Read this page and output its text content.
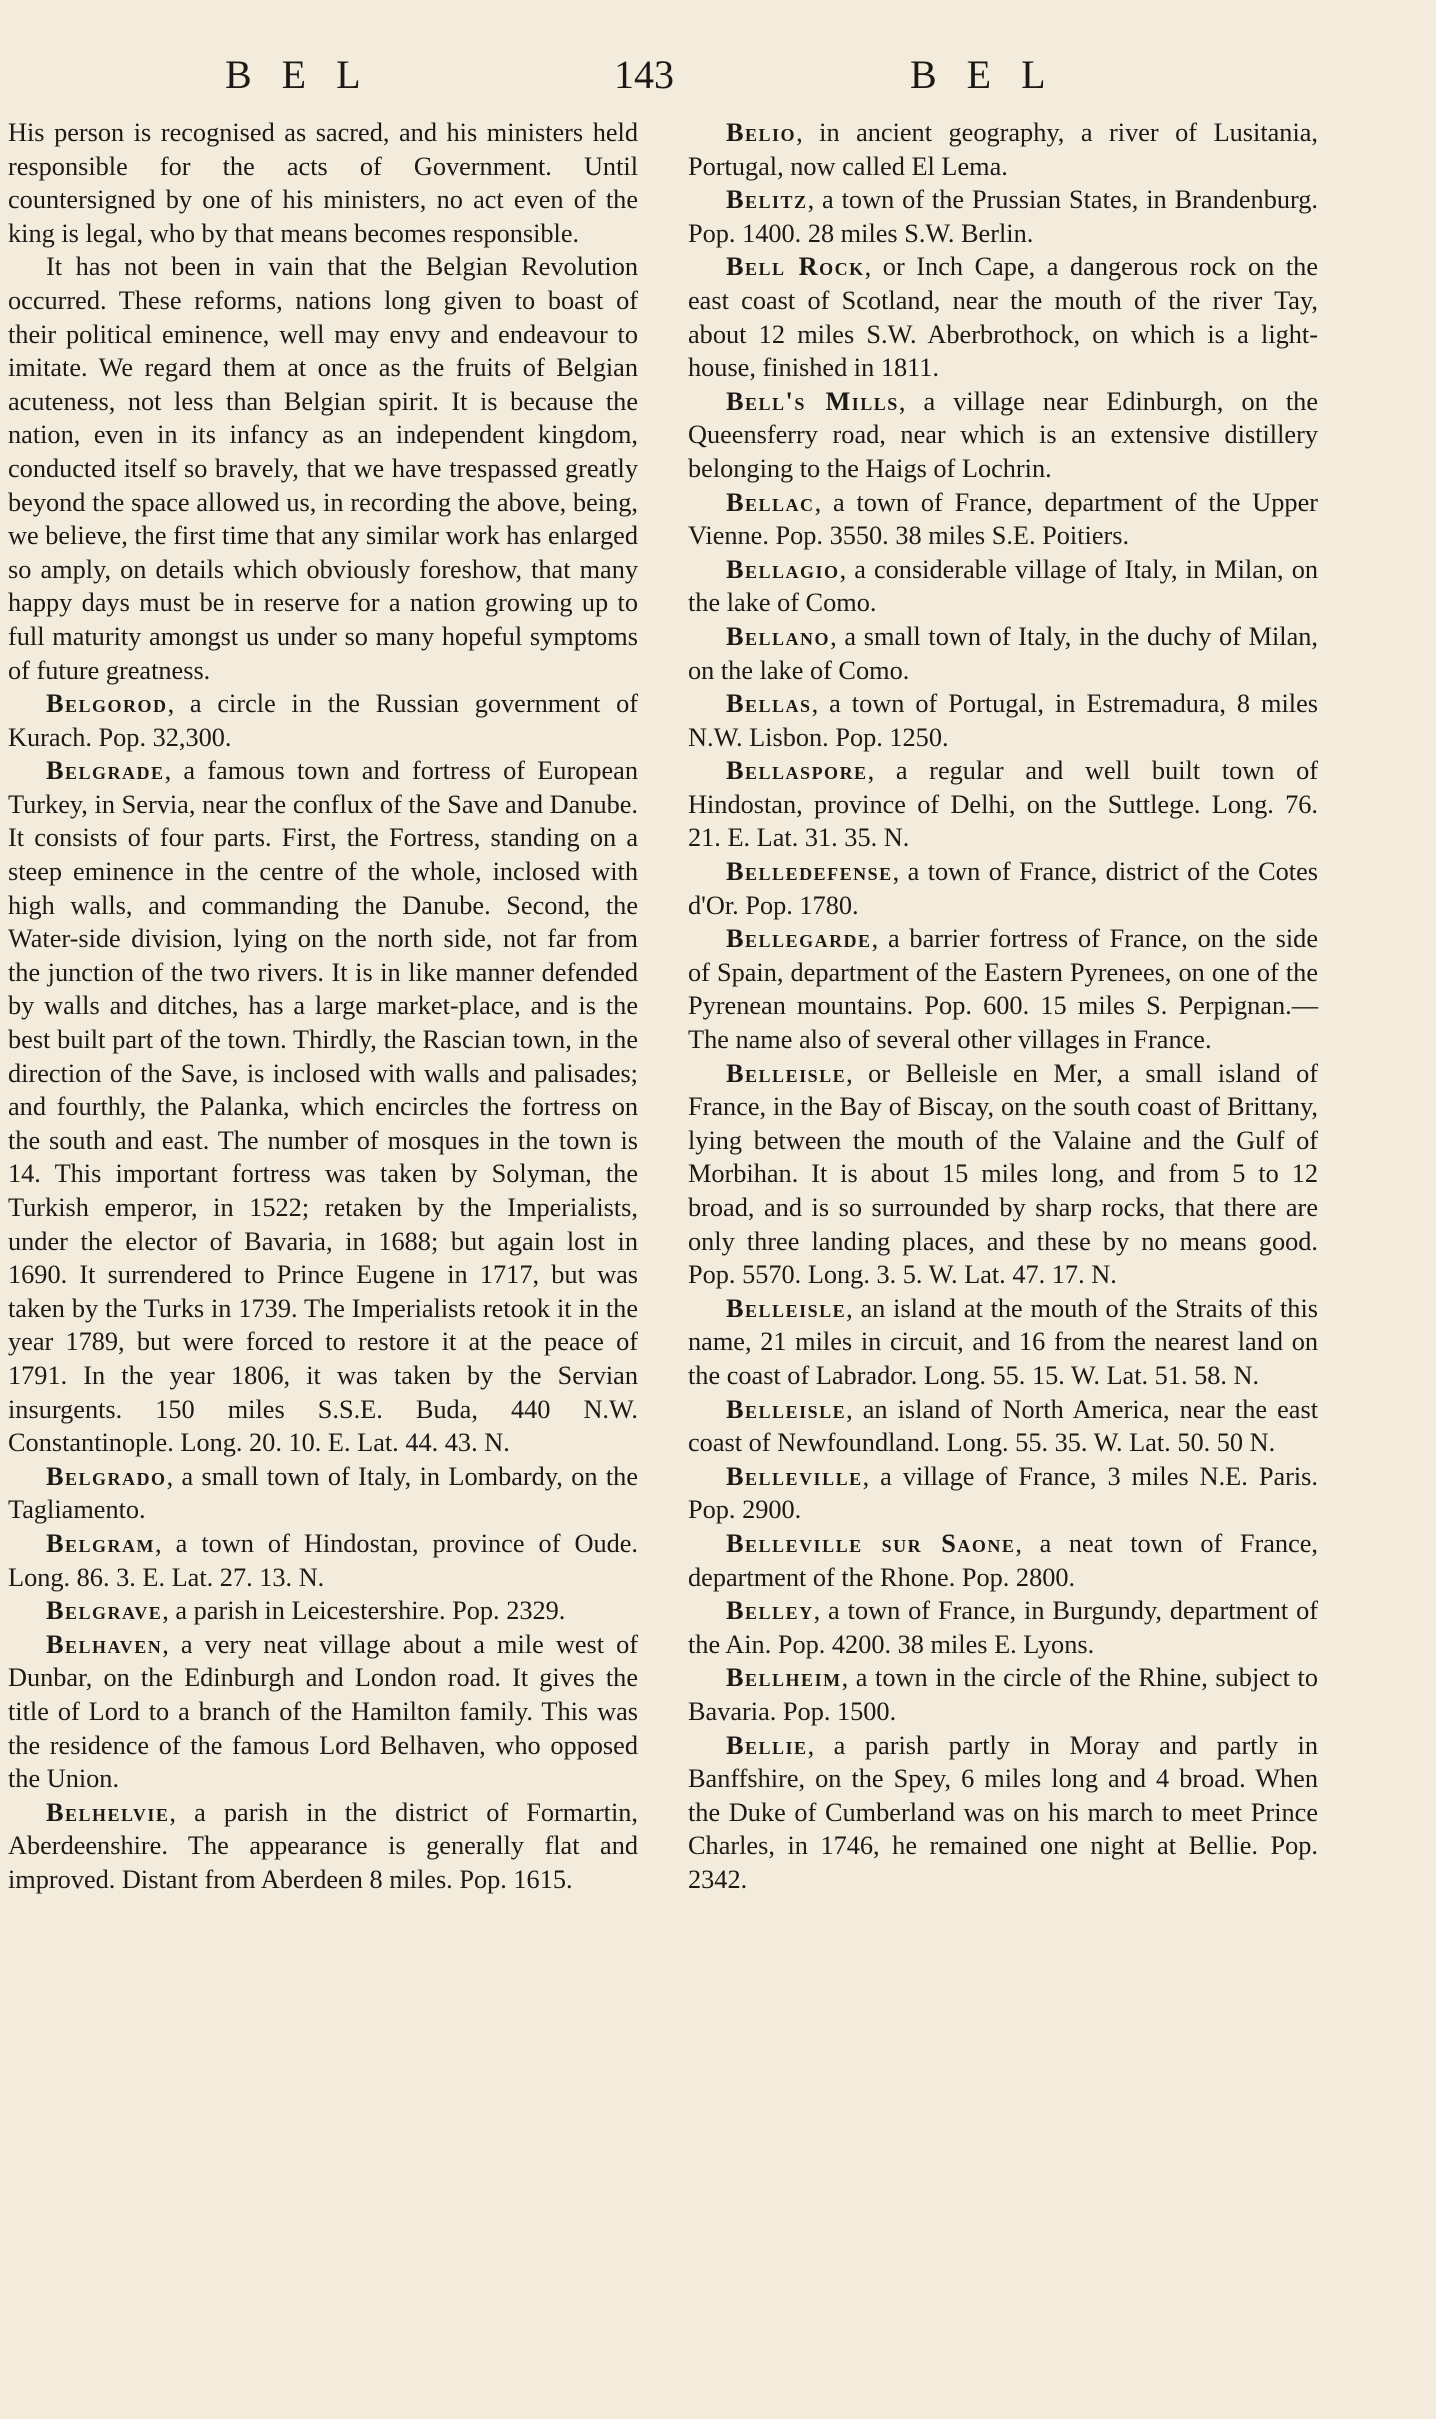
BEL	143	BEL

His person is recognised as sacred, and his ministers held responsible for the acts of Government. Until countersigned by one of his ministers, no act even of the king is legal, who by that means becomes responsible.

It has not been in vain that the Belgian Revolution occurred. These reforms, nations long given to boast of their political eminence, well may envy and endeavour to imitate. We regard them at once as the fruits of Belgian acuteness, not less than Belgian spirit. It is because the nation, even in its infancy as an independent kingdom, conducted itself so bravely, that we have trespassed greatly beyond the space allowed us, in recording the above, being, we believe, the first time that any similar work has enlarged so amply, on details which obviously foreshow, that many happy days must be in reserve for a nation growing up to full maturity amongst us under so many hopeful symptoms of future greatness.

Belgorod, a circle in the Russian government of Kurach. Pop. 32,300.

Belgrade, a famous town and fortress of European Turkey, in Servia, near the conflux of the Save and Danube. It consists of four parts. First, the Fortress, standing on a steep eminence in the centre of the whole, inclosed with high walls, and commanding the Danube. Second, the Water-side division, lying on the north side, not far from the junction of the two rivers. It is in like manner defended by walls and ditches, has a large market-place, and is the best built part of the town. Thirdly, the Rascian town, in the direction of the Save, is inclosed with walls and palisades; and fourthly, the Palanka, which encircles the fortress on the south and east. The number of mosques in the town is 14. This important fortress was taken by Solyman, the Turkish emperor, in 1522; retaken by the Imperialists, under the elector of Bavaria, in 1688; but again lost in 1690. It surrendered to Prince Eugene in 1717, but was taken by the Turks in 1739. The Imperialists retook it in the year 1789, but were forced to restore it at the peace of 1791. In the year 1806, it was taken by the Servian insurgents. 150 miles S.S.E. Buda, 440 N.W. Constantinople. Long. 20. 10. E. Lat. 44. 43. N.

Belgrado, a small town of Italy, in Lombardy, on the Tagliamento.

Belgram, a town of Hindostan, province of Oude. Long. 86. 3. E. Lat. 27. 13. N.

Belgrave, a parish in Leicestershire. Pop. 2329.

Belhaven, a very neat village about a mile west of Dunbar, on the Edinburgh and London road. It gives the title of Lord to a branch of the Hamilton family. This was the residence of the famous Lord Belhaven, who opposed the Union.

Belhelvie, a parish in the district of Formartin, Aberdeenshire. The appearance is generally flat and improved. Distant from Aberdeen 8 miles. Pop. 1615.

Belio, in ancient geography, a river of Lusitania, Portugal, now called El Lema.

Belitz, a town of the Prussian States, in Brandenburg. Pop. 1400. 28 miles S.W. Berlin.

Bell Rock, or Inch Cape, a dangerous rock on the east coast of Scotland, near the mouth of the river Tay, about 12 miles S.W. Aberbrothock, on which is a light-house, finished in 1811.

Bell's Mills, a village near Edinburgh, on the Queensferry road, near which is an extensive distillery belonging to the Haigs of Lochrin.

Bellac, a town of France, department of the Upper Vienne. Pop. 3550. 38 miles S.E. Poitiers.

Bellagio, a considerable village of Italy, in Milan, on the lake of Como.

Bellano, a small town of Italy, in the duchy of Milan, on the lake of Como.

Bellas, a town of Portugal, in Estremadura, 8 miles N.W. Lisbon. Pop. 1250.

Bellaspore, a regular and well built town of Hindostan, province of Delhi, on the Suttlege. Long. 76. 21. E. Lat. 31. 35. N.

Belledefense, a town of France, district of the Cotes d'Or. Pop. 1780.

Bellegarde, a barrier fortress of France, on the side of Spain, department of the Eastern Pyrenees, on one of the Pyrenean mountains. Pop. 600. 15 miles S. Perpignan.— The name also of several other villages in France.

Belleisle, or Belleisle en Mer, a small island of France, in the Bay of Biscay, on the south coast of Brittany, lying between the mouth of the Valaine and the Gulf of Morbihan. It is about 15 miles long, and from 5 to 12 broad, and is so surrounded by sharp rocks, that there are only three landing places, and these by no means good. Pop. 5570. Long. 3. 5. W. Lat. 47. 17. N.

Belleisle, an island at the mouth of the Straits of this name, 21 miles in circuit, and 16 from the nearest land on the coast of Labrador. Long. 55. 15. W. Lat. 51. 58. N.

Belleisle, an island of North America, near the east coast of Newfoundland. Long. 55. 35. W. Lat. 50. 50 N.

Belleville, a village of France, 3 miles N.E. Paris. Pop. 2900.

Belleville sur Saone, a neat town of France, department of the Rhone. Pop. 2800.

Belley, a town of France, in Burgundy, department of the Ain. Pop. 4200. 38 miles E. Lyons.

Bellheim, a town in the circle of the Rhine, subject to Bavaria. Pop. 1500.

Bellie, a parish partly in Moray and partly in Banffshire, on the Spey, 6 miles long and 4 broad. When the Duke of Cumberland was on his march to meet Prince Charles, in 1746, he remained one night at Bellie. Pop. 2342.
